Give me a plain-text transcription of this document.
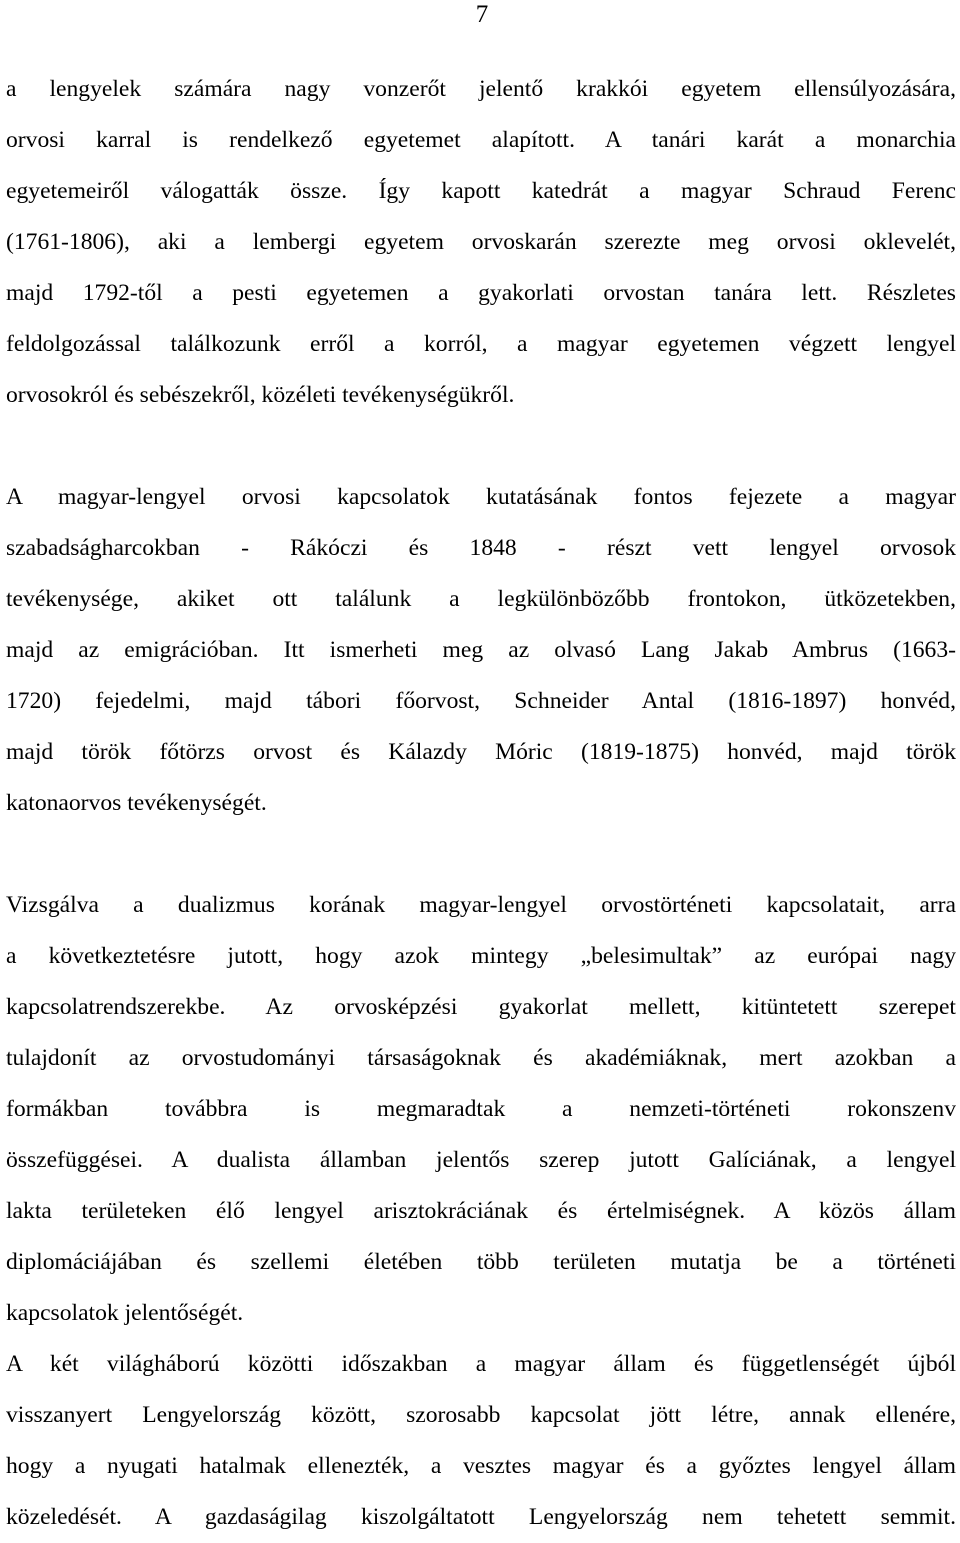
7

a lengyelek számára nagy vonzerőt jelentő krakkói egyetem ellensúlyozására,
orvosi karral is rendelkező egyetemet alapított. A tanári karát a monarchia
egyetemeiről válogatták össze. Így kapott katedrát a magyar Schraud Ferenc
(1761-1806), aki a lembergi egyetem orvoskarán szerezte meg orvosi oklevelét,
majd 1792-től a pesti egyetemen a gyakorlati orvostan tanára lett. Részletes
feldolgozással találkozunk erről a korról, a magyar egyetemen végzett lengyel
orvosokról és sebészekről, közéleti tevékenységükről.

A magyar-lengyel orvosi kapcsolatok kutatásának fontos fejezete a magyar
szabadságharcokban - Rákóczi és 1848 - részt vett lengyel orvosok
tevékenysége, akiket ott találunk a legkülönbözőbb frontokon, ütközetekben,
majd az emigrációban. Itt ismerheti meg az olvasó Lang Jakab Ambrus (1663-
1720) fejedelmi, majd tábori főorvost, Schneider Antal (1816-1897) honvéd,
majd török főtörzs orvost és Kálazdy Móric (1819-1875) honvéd, majd török
katonaorvos tevékenységét.

Vizsgálva a dualizmus korának magyar-lengyel orvostörténeti kapcsolatait, arra
a következtetésre jutott, hogy azok mintegy „belesimultak” az európai nagy
kapcsolatrendszerekbe. Az orvosképzési gyakorlat mellett, kitüntetett szerepet
tulajdonít az orvostudományi társaságoknak és akadémiáknak, mert azokban a
formákban továbbra is megmaradtak a nemzeti-történeti rokonszenv
összefüggései. A dualista államban jelentős szerep jutott Galíciának, a lengyel
lakta területeken élő lengyel arisztokráciának és értelmiségnek. A közös állam
diplomáciájában és szellemi életében több területen mutatja be a történeti
kapcsolatok jelentőségét.

A két világháború közötti időszakban a magyar állam és függetlenségét újból
visszanyert Lengyelország között, szorosabb kapcsolat jött létre, annak ellenére,
hogy a nyugati hatalmak ellenezték, a vesztes magyar és a győztes lengyel állam
közeledését. A gazdaságilag kiszolgáltatott Lengyelország nem tehetett semmit.
